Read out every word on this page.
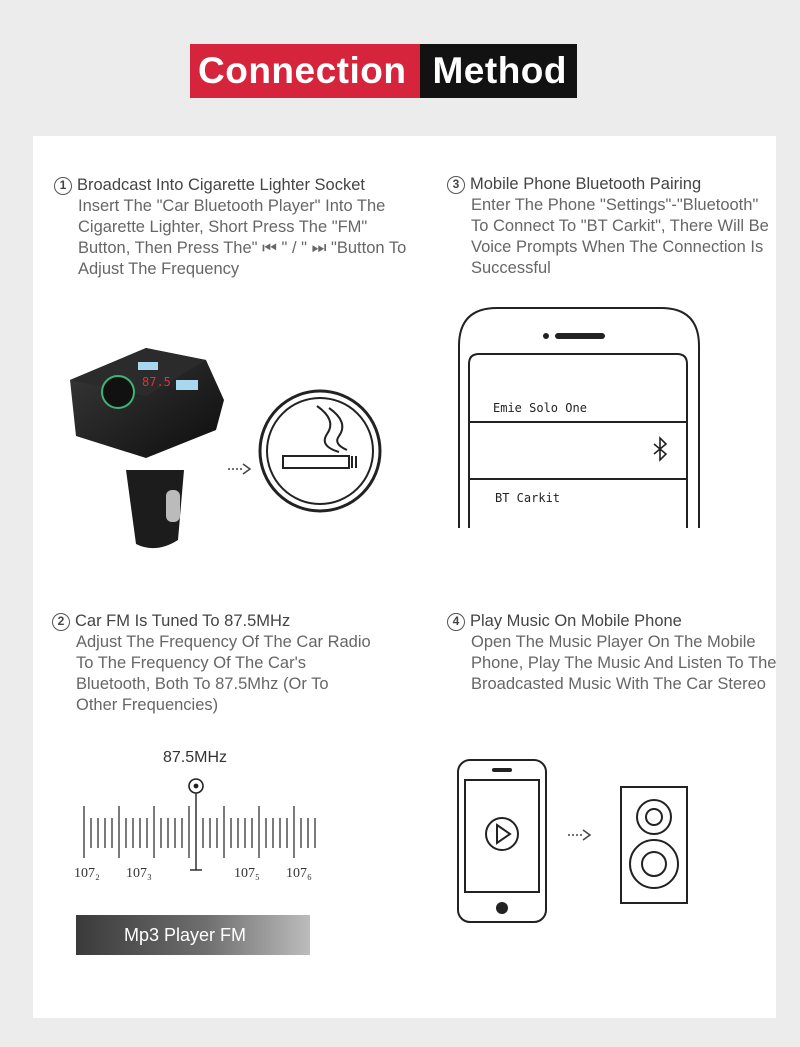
Connection Method
1 Broadcast Into Cigarette Lighter Socket
Insert The "Car Bluetooth Player" Into The Cigarette Lighter, Short Press The "FM" Button, Then Press The" ⏮ " / " ⏭ "Button To Adjust The Frequency
3 Mobile Phone Bluetooth Pairing
Enter The Phone "Settings"-"Bluetooth" To Connect To "BT Carkit", There Will Be Voice Prompts When The Connection Is Successful
2 Car FM Is Tuned To 87.5MHz
Adjust The Frequency Of The Car Radio To The Frequency Of The Car's Bluetooth, Both To 87.5Mhz (Or To Other Frequencies)
4 Play Music On Mobile Phone
Open The Music Player On The Mobile Phone, Play The Music And Listen To The Broadcasted Music With The Car Stereo
87.5
Emie Solo One
BT Carkit
87.5MHz
107₂ 107₃	107₅ 107₆
Mp3 Player FM
